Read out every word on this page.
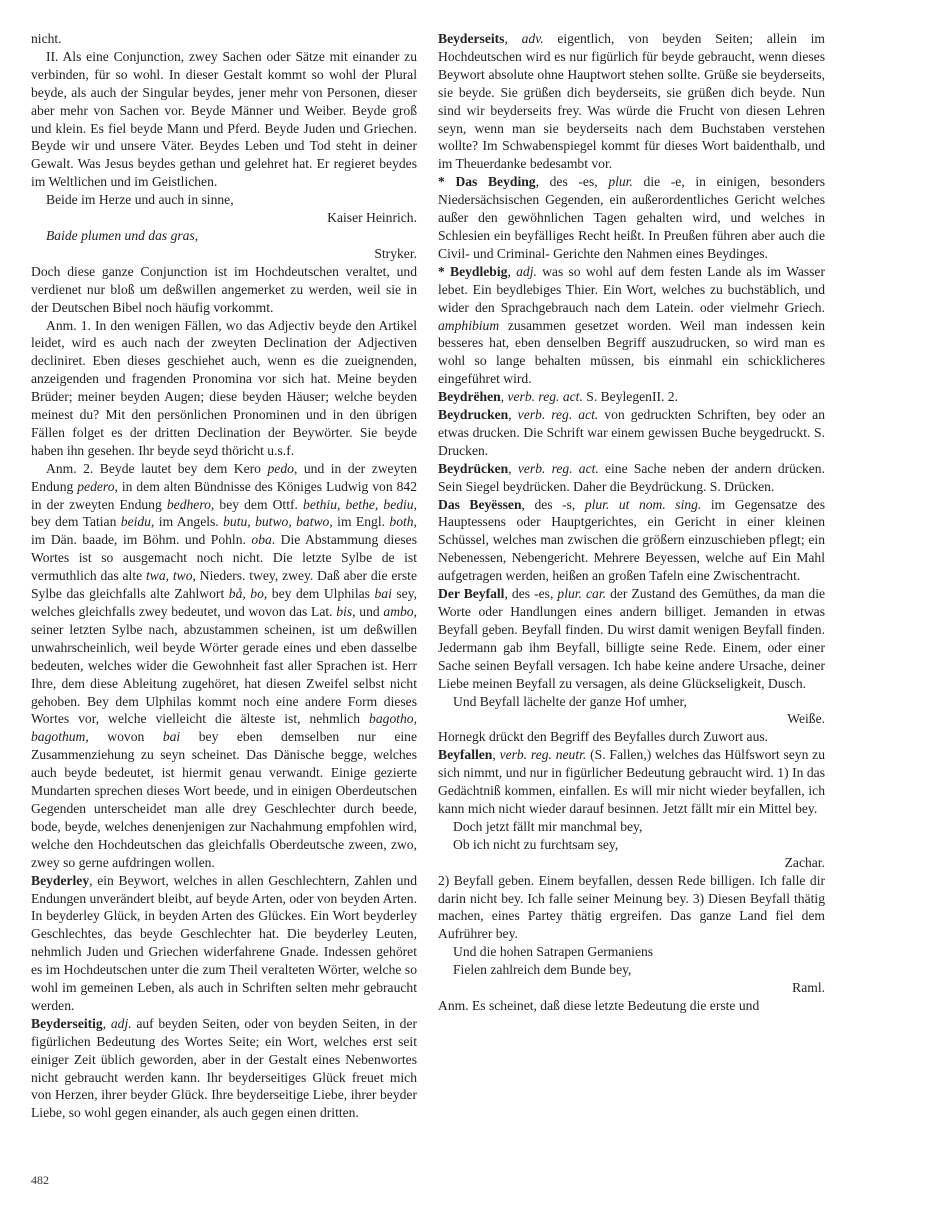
nicht.

II. Als eine Conjunction, zwey Sachen oder Sätze mit einander zu verbinden, für so wohl. In dieser Gestalt kommt so wohl der Plural beyde, als auch der Singular beydes, jener mehr von Personen, dieser aber mehr von Sachen vor. Beyde Männer und Weiber. Beyde groß und klein. Es fiel beyde Mann und Pferd. Beyde Juden und Griechen. Beyde wir und unsere Väter. Beydes Leben und Tod steht in deiner Gewalt. Was Jesus beydes gethan und gelehret hat. Er regieret beydes im Weltlichen und im Geistlichen.

Beide im Herze und auch in sinne,

Kaiser Heinrich.

Baide plumen und das gras,

Stryker.

Doch diese ganze Conjunction ist im Hochdeutschen veraltet, und verdienet nur bloß um deßwillen angemerket zu werden, weil sie in der Deutschen Bibel noch häufig vorkommt.

Anm. 1. In den wenigen Fällen, wo das Adjectiv beyde den Artikel leidet, wird es auch nach der zweyten Declination der Adjectiven decliniret. Eben dieses geschiehet auch, wenn es die zueignenden, anzeigenden und fragenden Pronomina vor sich hat. Meine beyden Brüder; meiner beyden Augen; diese beyden Häuser; welche beyden meinest du? Mit den persönlichen Pronominen und in den übrigen Fällen folget es der dritten Declination der Beywörter. Sie beyde haben ihn gesehen. Ihr beyde seyd thöricht u.s.f.

Anm. 2. Beyde lautet bey dem Kero pedo, und in der zweyten Endung pedero, in dem alten Bündnisse des Königes Ludwig von 842 in der zweyten Endung bedhero, bey dem Ottf. bethiu, bethe, bediu, bey dem Tatian beidu, im Angels. butu, butwo, batwo, im Engl. both, im Dän. baade, im Böhm. und Pohln. oba. Die Abstammung dieses Wortes ist so ausgemacht noch nicht. Die letzte Sylbe de ist vermuthlich das alte twa, two, Nieders. twey, zwey. Daß aber die erste Sylbe das gleichfalls alte Zahlwort bå, bo, bey dem Ulphilas bai sey, welches gleichfalls zwey bedeutet, und wovon das Lat. bis, und ambo, seiner letzten Sylbe nach, abzustammen scheinen, ist um deßwillen unwahrscheinlich, weil beyde Wörter gerade eines und eben dasselbe bedeuten, welches wider die Gewohnheit fast aller Sprachen ist. Herr Ihre, dem diese Ableitung zugehöret, hat diesen Zweifel selbst nicht gehoben. Bey dem Ulphilas kommt noch eine andere Form dieses Wortes vor, welche vielleicht die älteste ist, nehmlich bagotho, bagothum, wovon bai bey eben demselben nur eine Zusammenziehung zu seyn scheinet. Das Dänische begge, welches auch beyde bedeutet, ist hiermit genau verwandt. Einige gezierte Mundarten sprechen dieses Wort beede, und in einigen Oberdeutschen Gegenden unterscheidet man alle drey Geschlechter durch beede, bode, beyde, welches denenjenigen zur Nachahmung empfohlen wird, welche den Hochdeutschen das gleichfalls Oberdeutsche zween, zwo, zwey so gerne aufdringen wollen.

Beyderley, ein Beywort, welches in allen Geschlechtern, Zahlen und Endungen unverändert bleibt, auf beyde Arten, oder von beyden Arten. In beyderley Glück, in beyden Arten des Glückes. Ein Wort beyderley Geschlechtes, das beyde Geschlechter hat. Die beyderley Leuten, nehmlich Juden und Griechen widerfahrene Gnade. Indessen gehöret es im Hochdeutschen unter die zum Theil veralteten Wörter, welche so wohl im gemeinen Leben, als auch in Schriften selten mehr gebraucht werden.

Beyderseitig, adj. auf beyden Seiten, oder von beyden Seiten, in der figürlichen Bedeutung des Wortes Seite; ein Wort, welches erst seit einiger Zeit üblich geworden, aber in der Gestalt eines Nebenwortes nicht gebraucht werden kann. Ihr beyderseitiges Glück freuet mich von Herzen, ihrer beyder Glück. Ihre beyderseitige Liebe, ihrer beyder Liebe, so wohl gegen einander, als auch gegen einen dritten.

Beyderseits, adv. eigentlich, von beyden Seiten; allein im Hochdeutschen wird es nur figürlich für beyde gebraucht, wenn dieses Beywort absolute ohne Hauptwort stehen sollte. Grüße sie beyderseits, sie beyde. Sie grüßen dich beyderseits, sie grüßen dich beyde. Nun sind wir beyderseits frey. Was würde die Frucht von diesen Lehren seyn, wenn man sie beyderseits nach dem Buchstaben verstehen wollte? Im Schwabenspiegel kommt für dieses Wort baidenthalb, und im Theuerdanke bedesambt vor.

* Das Beyding, des -es, plur. die -e, in einigen, besonders Niedersächsischen Gegenden, ein außerordentliches Gericht welches außer den gewöhnlichen Tagen gehalten wird, und welches in Schlesien ein beyfälliges Recht heißt. In Preußen führen aber auch die Civil- und Criminal- Gerichte den Nahmen eines Beydinges.

* Beydlebig, adj. was so wohl auf dem festen Lande als im Wasser lebet. Ein beydlebiges Thier. Ein Wort, welches zu buchstäblich, und wider den Sprachgebrauch nach dem Latein. oder vielmehr Griech. amphibium zusammen gesetzet worden. Weil man indessen kein besseres hat, eben denselben Begriff auszudrucken, so wird man es wohl so lange behalten müssen, bis einmahl ein schicklicheres eingeführet wird.

Beydrëhen, verb. reg. act. S. BeylegenII. 2.

Beydrucken, verb. reg. act. von gedruckten Schriften, bey oder an etwas drucken. Die Schrift war einem gewissen Buche beygedruckt. S. Drucken.

Beydrücken, verb. reg. act. eine Sache neben der andern drücken. Sein Siegel beydrücken. Daher die Beydrückung. S. Drücken.

Das Beyëssen, des -s, plur. ut nom. sing. im Gegensatze des Hauptessens oder Hauptgerichtes, ein Gericht in einer kleinen Schüssel, welches man zwischen die größern einzuschieben pflegt; ein Nebenessen, Nebengericht. Mehrere Beyessen, welche auf Ein Mahl aufgetragen werden, heißen an großen Tafeln eine Zwischentracht.

Der Beyfall, des -es, plur. car. der Zustand des Gemüthes, da man die Worte oder Handlungen eines andern billiget. Jemanden in etwas Beyfall geben. Beyfall finden. Du wirst damit wenigen Beyfall finden. Jedermann gab ihm Beyfall, billigte seine Rede. Einem, oder einer Sache seinen Beyfall versagen. Ich habe keine andere Ursache, deiner Liebe meinen Beyfall zu versagen, als deine Glückseligkeit, Dusch.

Und Beyfall lächelte der ganze Hof umher,

Weiße.

Hornegk drückt den Begriff des Beyfalles durch Zuwort aus.

Beyfallen, verb. reg. neutr. (S. Fallen,) welches das Hülfswort seyn zu sich nimmt, und nur in figürlicher Bedeutung gebraucht wird. 1) In das Gedächtniß kommen, einfallen. Es will mir nicht wieder beyfallen, ich kann mich nicht wieder darauf besinnen. Jetzt fällt mir ein Mittel bey.

Doch jetzt fällt mir manchmal bey,

Ob ich nicht zu furchtsam sey,

Zachar.

2) Beyfall geben. Einem beyfallen, dessen Rede billigen. Ich falle dir darin nicht bey. Ich falle seiner Meinung bey. 3) Diesen Beyfall thätig machen, eines Partey thätig ergreifen. Das ganze Land fiel dem Aufrührer bey.

Und die hohen Satrapen Germaniens

Fielen zahlreich dem Bunde bey,

Raml.

Anm. Es scheinet, daß diese letzte Bedeutung die erste und

482
